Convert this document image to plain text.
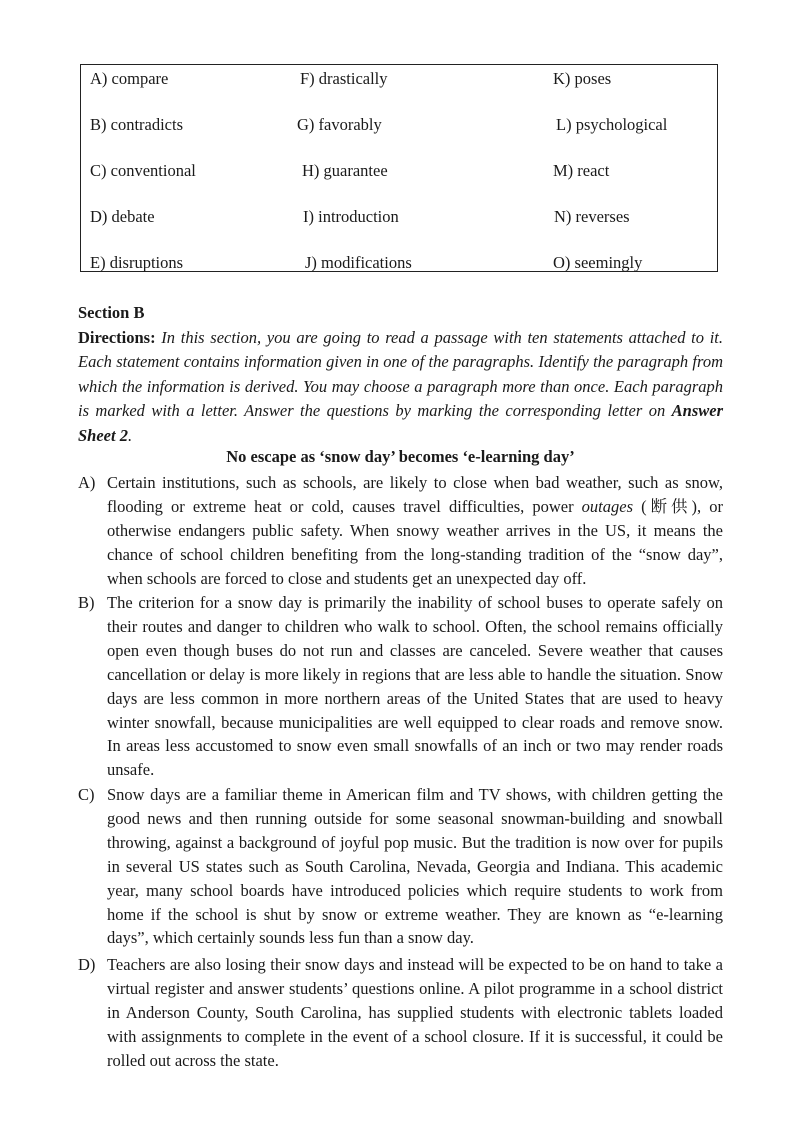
A) compare	F) drastically	K) poses
B) contradicts	G) favorably	L) psychological
C) conventional	H) guarantee	M) react
D) debate	I) introduction	N) reverses
E) disruptions	J) modifications	O) seemingly
Section B

Directions: In this section, you are going to read a passage with ten statements attached to it. Each statement contains information given in one of the paragraphs. Identify the paragraph from which the information is derived. You may choose a paragraph more than once. Each paragraph is marked with a letter. Answer the questions by marking the corresponding letter on Answer Sheet 2.

No escape as ‘snow day’ becomes ‘e-learning day’
A) Certain institutions, such as schools, are likely to close when bad weather, such as snow, flooding or extreme heat or cold, causes travel difficulties, power outages (断供), or otherwise endangers public safety. When snowy weather arrives in the US, it means the chance of school children benefiting from the long-standing tradition of the “snow day”, when schools are forced to close and students get an unexpected day off.
B) The criterion for a snow day is primarily the inability of school buses to operate safely on their routes and danger to children who walk to school. Often, the school remains officially open even though buses do not run and classes are canceled. Severe weather that causes cancellation or delay is more likely in regions that are less able to handle the situation. Snow days are less common in more northern areas of the United States that are used to heavy winter snowfall, because municipalities are well equipped to clear roads and remove snow. In areas less accustomed to snow even small snowfalls of an inch or two may render roads unsafe.
C) Snow days are a familiar theme in American film and TV shows, with children getting the good news and then running outside for some seasonal snowman-building and snowball throwing, against a background of joyful pop music. But the tradition is now over for pupils in several US states such as South Carolina, Nevada, Georgia and Indiana. This academic year, many school boards have introduced policies which require students to work from home if the school is shut by snow or extreme weather. They are known as “e-learning days”, which certainly sounds less fun than a snow day.
D) Teachers are also losing their snow days and instead will be expected to be on hand to take a virtual register and answer students’ questions online. A pilot programme in a school district in Anderson County, South Carolina, has supplied students with electronic tablets loaded with assignments to complete in the event of a school closure. If it is successful, it could be rolled out across the state.
